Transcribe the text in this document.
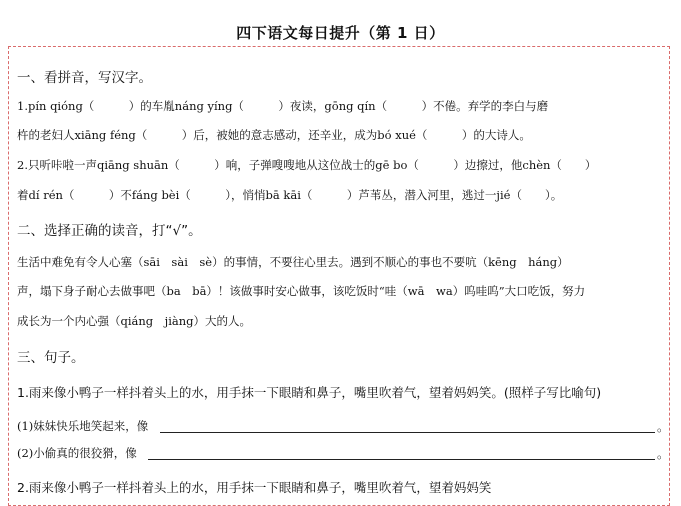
四下语文每日提升（第 1 日）
一、看拼音，写汉字。
1.pín qióng（　　　）的车胤náng yíng（　　　）夜读，gōng qín（　　　）不倦。弃学的李白与磨
杵的老妇人xiāng féng（　　　）后，被她的意志感动，还辛业，成为bó xué（　　　）的大诗人。
2.只听咔啦一声qiāng shuān（　　　）响，子弹嗖嗖地从这位战士的gē bo（　　　）边擦过，他chèn（　　）
着dí rén（　　　）不fáng bèi（　　　），悄悄bā kāi（　　　）芦苇丛，潜入河里，逃过一jié（　　）。
二、选择正确的读音，打“√”。
生活中难免有令人心塞（sāi　sài　sè）的事情，不要往心里去。遇到不顺心的事也不要吭（kēng　háng）
声，塌下身子耐心去做事吧（ba　bā）！该做事时安心做事，该吃饭时“哇（wā　wa）呜哇呜”大口吃饭，努力
成长为一个内心强（qiáng　jiàng）大的人。
三、句子。
1.雨来像小鸭子一样抖着头上的水，用手抹一下眼睛和鼻子，嘴里吹着气，望着妈妈笑。(照样子写比喻句)
(1)妹妹快乐地笑起来，像	。
(2)小偷真的很狡猾，像	。
2.雨来像小鸭子一样抖着头上的水，用手抹一下眼睛和鼻子，嘴里吹着气，望着妈妈笑
